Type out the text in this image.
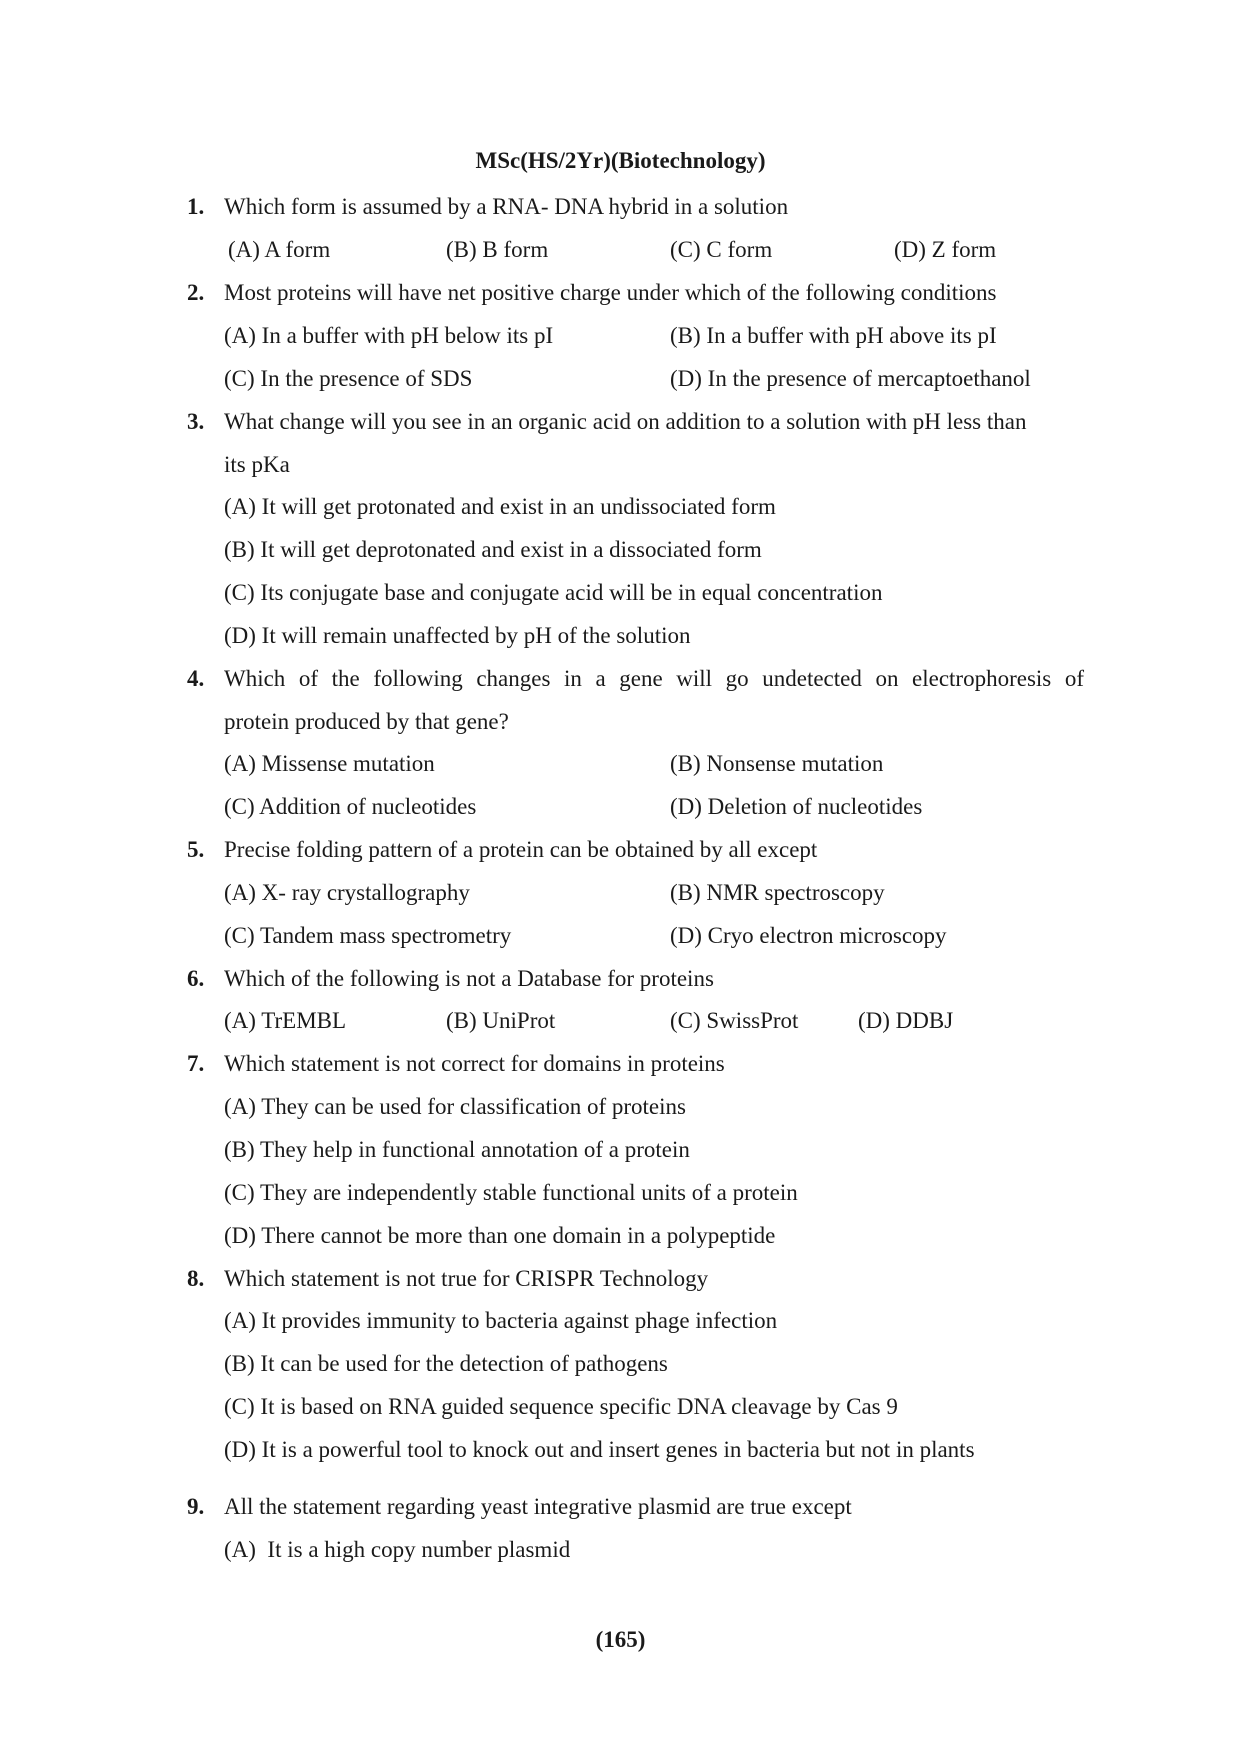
MSc(HS/2Yr)(Biotechnology)
1. Which form is assumed by a RNA- DNA hybrid in a solution
(A) A form	(B) B form	(C) C form	(D) Z form
2. Most proteins will have net positive charge under which of the following conditions
(A) In a buffer with pH below its pI	(B) In a buffer with pH above its pI
(C) In the presence of SDS	(D) In the presence of mercaptoethanol
3. What change will you see in an organic acid on addition to a solution with pH less than
its pKa
(A) It will get protonated and exist in an undissociated form
(B) It will get deprotonated and exist in a dissociated form
(C) Its conjugate base and conjugate acid will be in equal concentration
(D) It will remain unaffected by pH of the solution
4. Which of the following changes in a gene will go undetected on electrophoresis of
protein produced by that gene?
(A) Missense mutation	(B) Nonsense mutation
(C) Addition of nucleotides	(D) Deletion of nucleotides
5. Precise folding pattern of a protein can be obtained by all except
(A) X- ray crystallography	(B) NMR spectroscopy
(C) Tandem mass spectrometry	(D) Cryo electron microscopy
6. Which of the following is not a Database for proteins
(A) TrEMBL	(B) UniProt	(C) SwissProt	(D) DDBJ
7. Which statement is not correct for domains in proteins
(A) They can be used for classification of proteins
(B) They help in functional annotation of a protein
(C) They are independently stable functional units of a protein
(D) There cannot be more than one domain in a polypeptide
8. Which statement is not true for CRISPR Technology
(A) It provides immunity to bacteria against phage infection
(B) It can be used for the detection of pathogens
(C) It is based on RNA guided sequence specific DNA cleavage by Cas 9
(D) It is a powerful tool to knock out and insert genes in bacteria but not in plants
9. All the statement regarding yeast integrative plasmid are true except
(A)  It is a high copy number plasmid
(165)
